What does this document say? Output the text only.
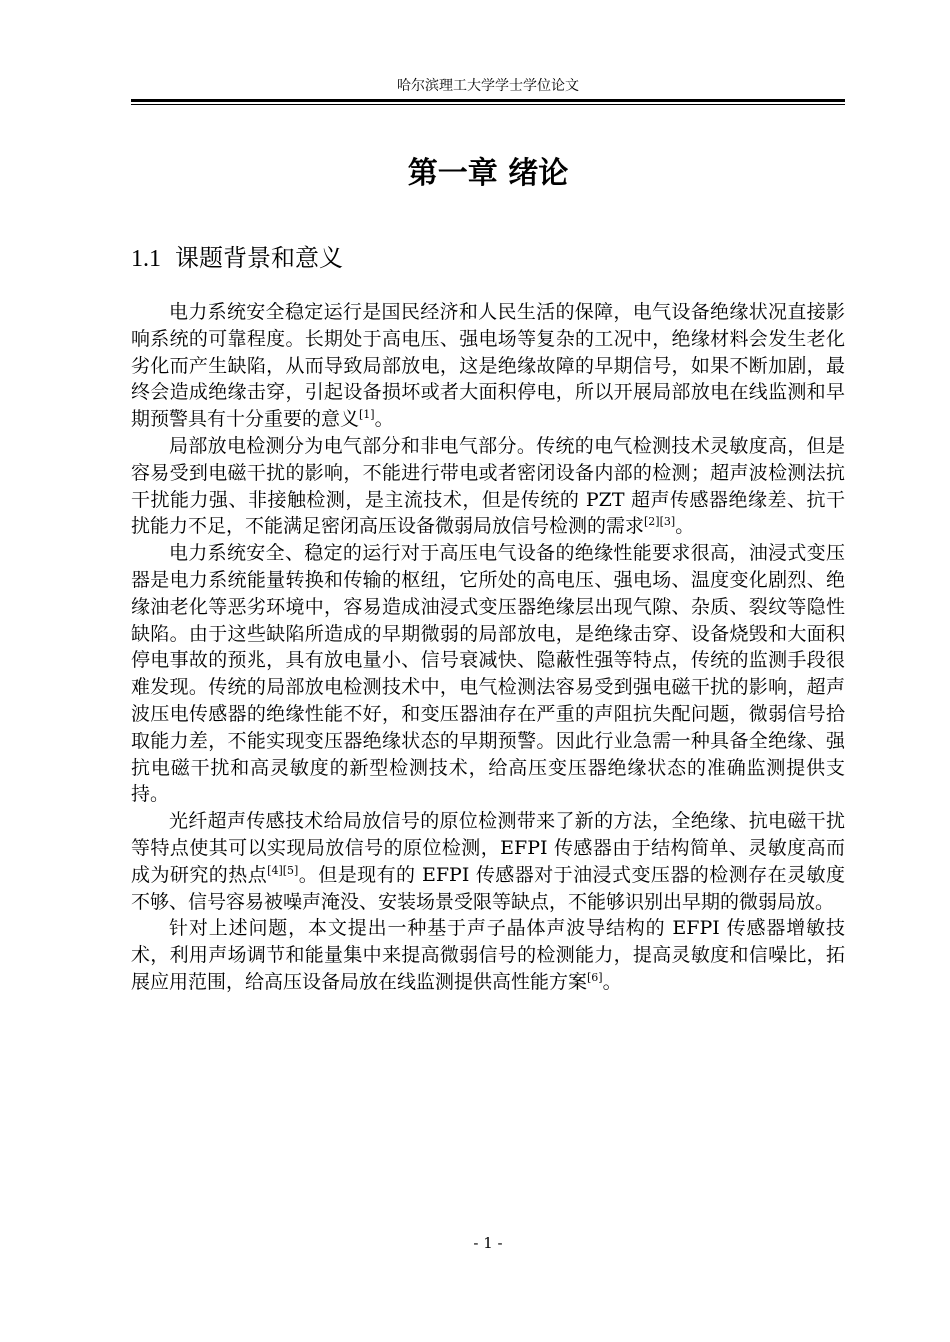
哈尔滨理工大学学士学位论文
第一章 绪论
1.1 课题背景和意义

电力系统安全稳定运行是国民经济和人民生活的保障，电气设备绝缘状况直接影响系统的可靠程度。长期处于高电压、强电场等复杂的工况中，绝缘材料会发生老化劣化而产生缺陷，从而导致局部放电，这是绝缘故障的早期信号，如果不断加剧，最终会造成绝缘击穿，引起设备损坏或者大面积停电，所以开展局部放电在线监测和早期预警具有十分重要的意义[1]。

局部放电检测分为电气部分和非电气部分。传统的电气检测技术灵敏度高，但是容易受到电磁干扰的影响，不能进行带电或者密闭设备内部的检测；超声波检测法抗干扰能力强、非接触检测，是主流技术，但是传统的 PZT 超声传感器绝缘差、抗干扰能力不足，不能满足密闭高压设备微弱局放信号检测的需求[2][3]。

电力系统安全、稳定的运行对于高压电气设备的绝缘性能要求很高，油浸式变压器是电力系统能量转换和传输的枢纽，它所处的高电压、强电场、温度变化剧烈、绝缘油老化等恶劣环境中，容易造成油浸式变压器绝缘层出现气隙、杂质、裂纹等隐性缺陷。由于这些缺陷所造成的早期微弱的局部放电，是绝缘击穿、设备烧毁和大面积停电事故的预兆，具有放电量小、信号衰减快、隐蔽性强等特点，传统的监测手段很难发现。传统的局部放电检测技术中，电气检测法容易受到强电磁干扰的影响，超声波压电传感器的绝缘性能不好，和变压器油存在严重的声阻抗失配问题，微弱信号拾取能力差，不能实现变压器绝缘状态的早期预警。因此行业急需一种具备全绝缘、强抗电磁干扰和高灵敏度的新型检测技术，给高压变压器绝缘状态的准确监测提供支持。

光纤超声传感技术给局放信号的原位检测带来了新的方法，全绝缘、抗电磁干扰等特点使其可以实现局放信号的原位检测，EFPI 传感器由于结构简单、灵敏度高而成为研究的热点[4][5]。但是现有的 EFPI 传感器对于油浸式变压器的检测存在灵敏度不够、信号容易被噪声淹没、安装场景受限等缺点，不能够识别出早期的微弱局放。

针对上述问题，本文提出一种基于声子晶体声波导结构的 EFPI 传感器增敏技术，利用声场调节和能量集中来提高微弱信号的检测能力，提高灵敏度和信噪比，拓展应用范围，给高压设备局放在线监测提供高性能方案[6]。

- 1 -
